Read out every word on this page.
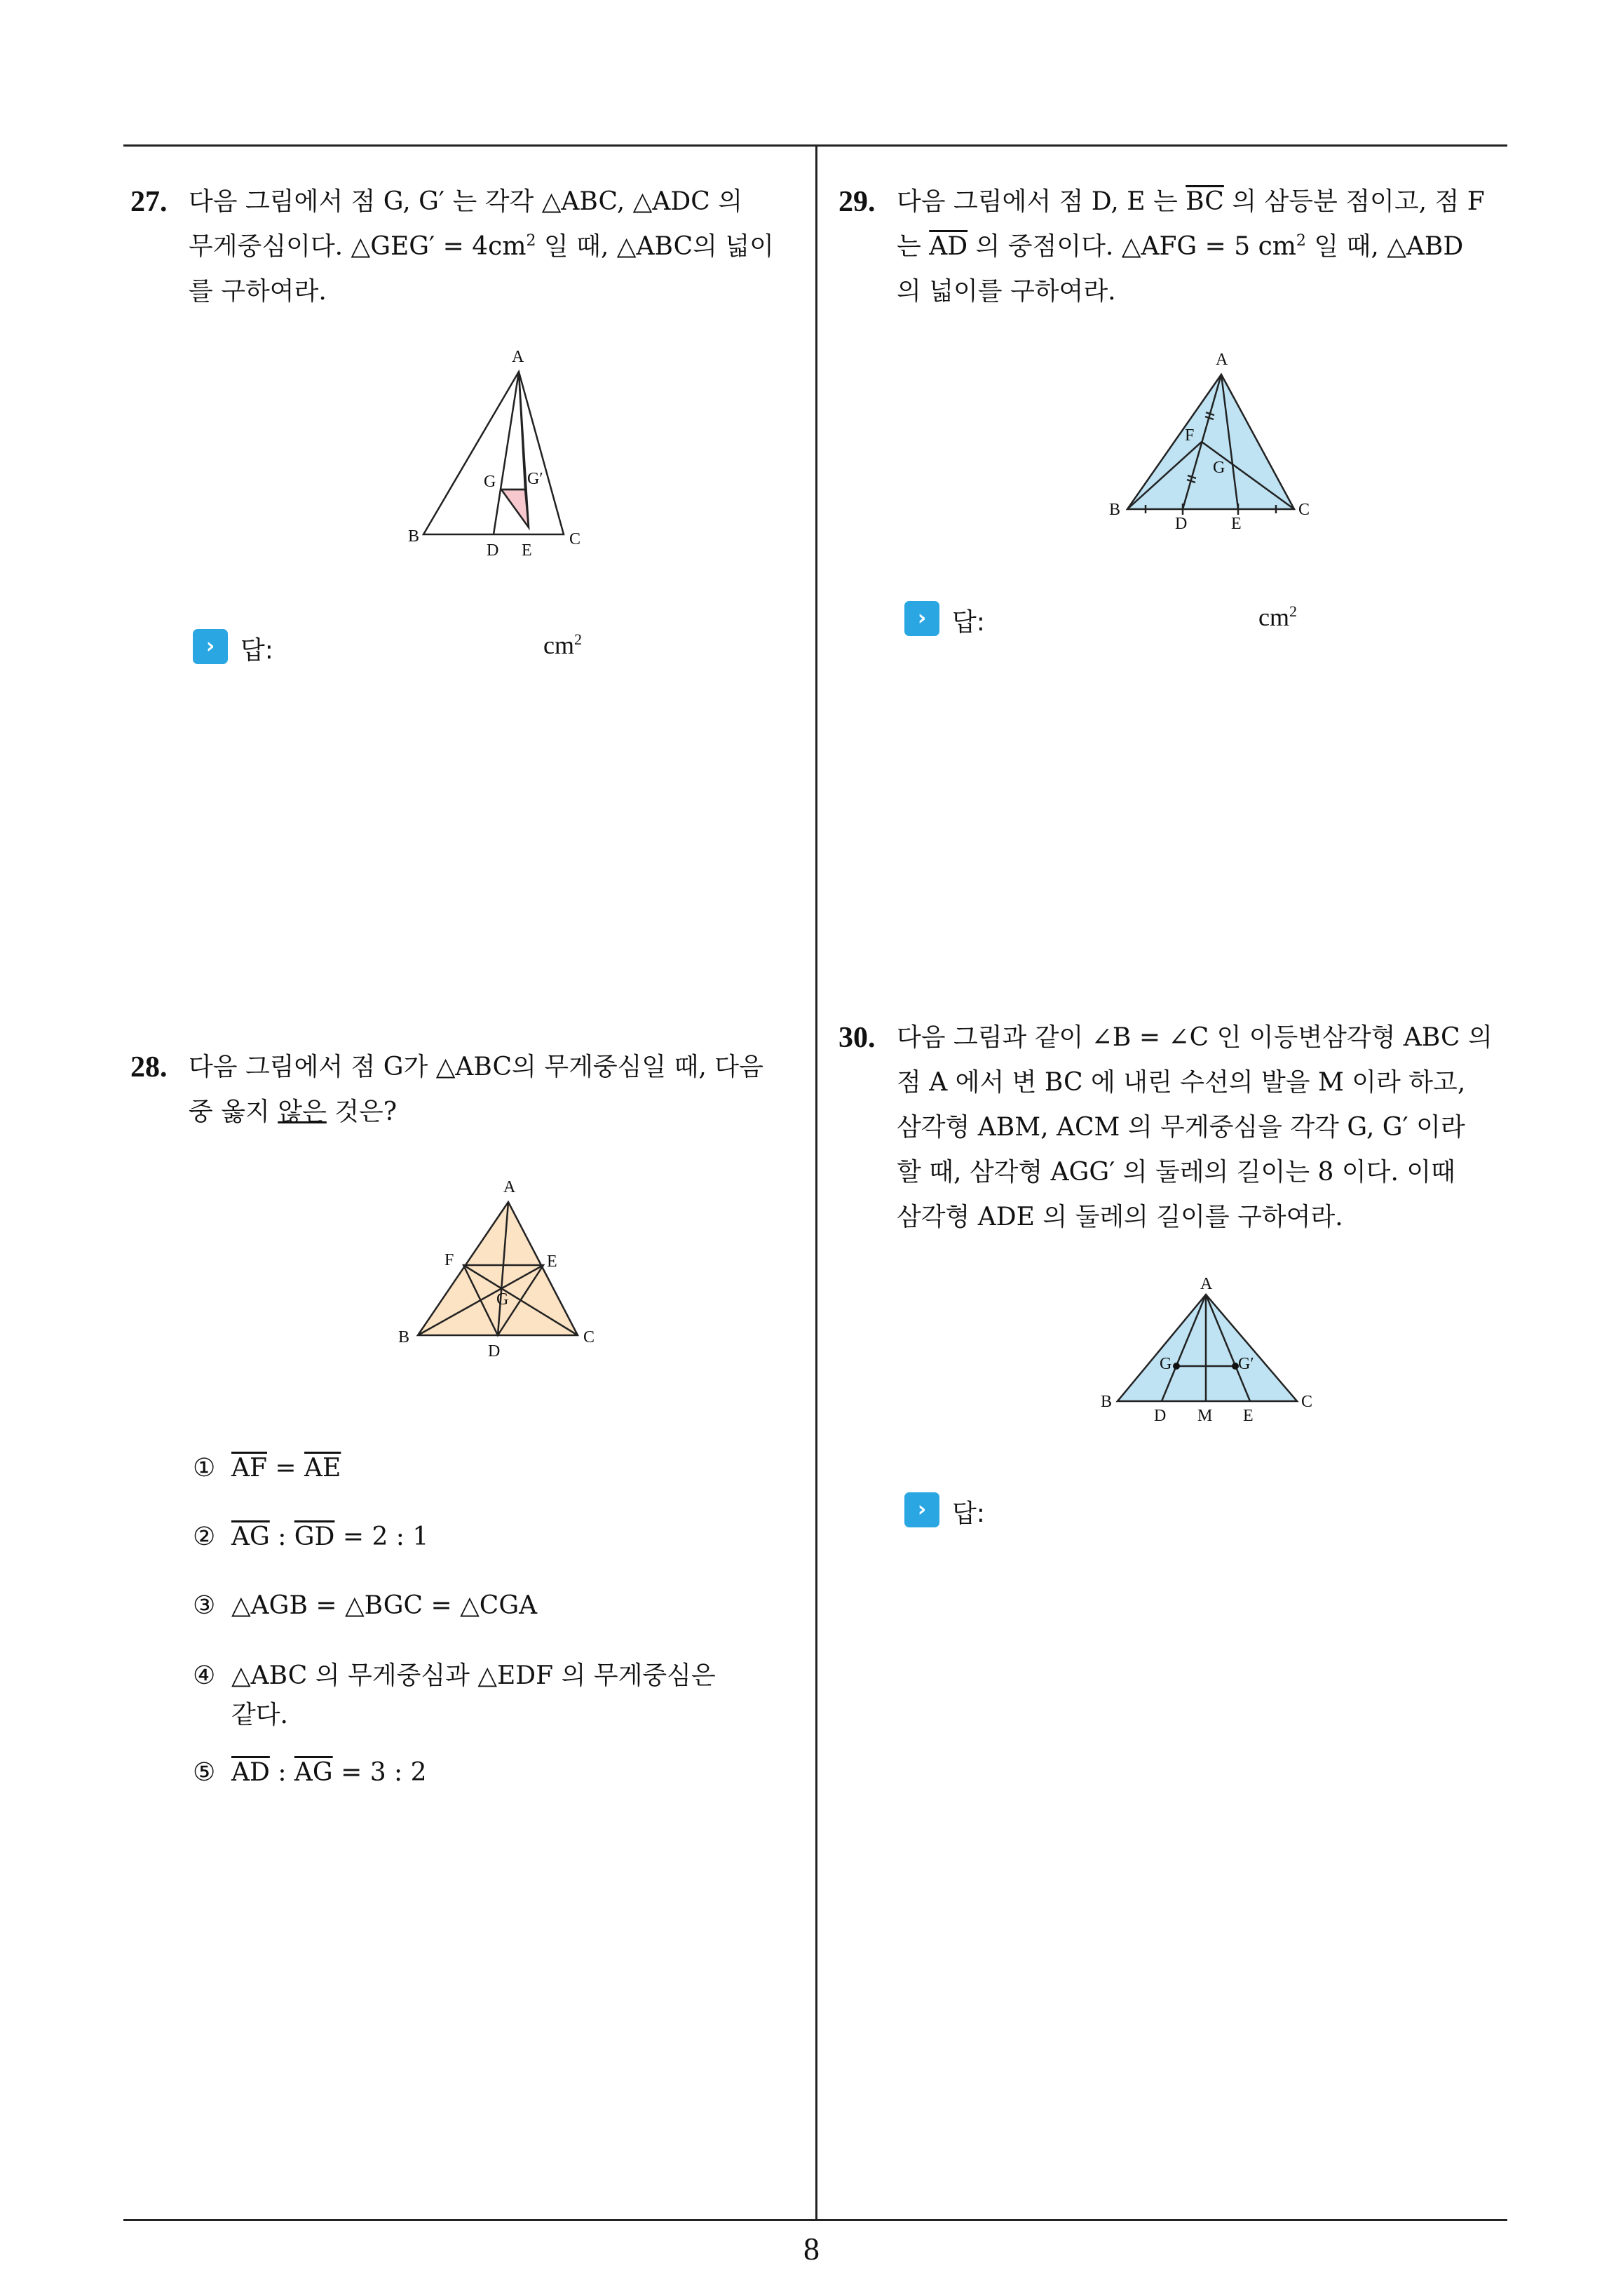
27. 다음 그림에서 점 G, G′ 는 각각 △ABC, △ADC 의
무게중심이다. △GEG′ = $4cm^2$ 일 때, △ABC의 넓이
를 구하여라.
A
B	C
D E
G G′
›	답:	$cm^2$
28. 다음 그림에서 점 G가 △ABC의 무게중심일 때, 다음
중 옳지 않은 것은?
A
B	C
D
E
F
G
① $\overline{AF} = \overline{AE}$
② $\overline{AG}$ : $\overline{GD} = 2$ : 1
③ △AGB = △BGC = △CGA
④ △ABC 의 무게중심과 △EDF 의 무게중심은
같다.
⑤ $\overline{AD}$ : $\overline{AG} = 3$ : 2
29. 다음 그림에서 점 D, E 는 $\overline{BC}$ 의 삼등분 점이고, 점 F
는 $\overline{AD}$ 의 중점이다. △AFG = 5 $cm^2$ 일 때, △ABD
의 넓이를 구하여라.
A
B	C
D	E
F
G
›	답:	$cm^2$
30. 다음 그림과 같이 ∠B = ∠C 인 이등변삼각형 ABC 의
점 A 에서 변 BC 에 내린 수선의 발을 M 이라 하고,
삼각형 ABM, ACM 의 무게중심을 각각 G, G′ 이라
할 때, 삼각형 AGG′ 의 둘레의 길이는 8 이다. 이때
삼각형 ADE 의 둘레의 길이를 구하여라.
A
B	C
D M E
G	G′
›	답:
8
